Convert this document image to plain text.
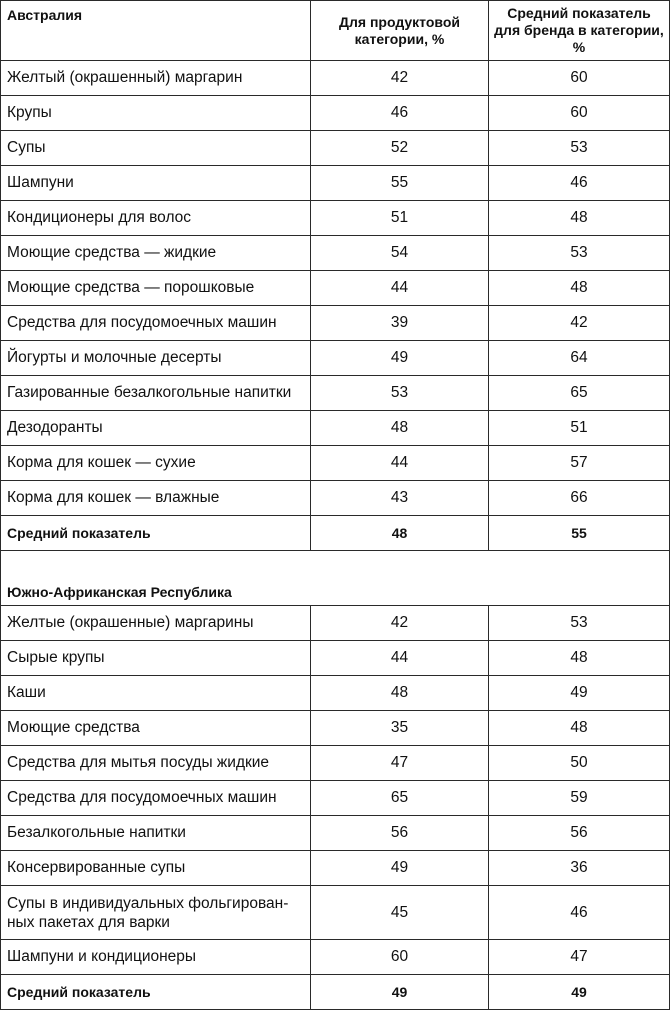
Австралия	Для продуктовой категории, %	Средний показатель для бренда в категории, %
Желтый (окрашенный) маргарин	42	60
Крупы	46	60
Супы	52	53
Шампуни	55	46
Кондиционеры для волос	51	48
Моющие средства — жидкие	54	53
Моющие средства — порошковые	44	48
Средства для посудомоечных машин	39	42
Йогурты и молочные десерты	49	64
Газированные безалкогольные напитки	53	65
Дезодоранты	48	51
Корма для кошек — сухие	44	57
Корма для кошек — влажные	43	66
Средний показатель	48	55

Южно-Африканская Республика		
Желтые (окрашенные) маргарины	42	53
Сырые крупы	44	48
Каши	48	49
Моющие средства	35	48
Средства для мытья посуды жидкие	47	50
Средства для посудомоечных машин	65	59
Безалкогольные напитки	56	56
Консервированные супы	49	36
Супы в индивидуальных фольгирован-ных пакетах для варки	45	46
Шампуни и кондиционеры	60	47
Средний показатель	49	49
